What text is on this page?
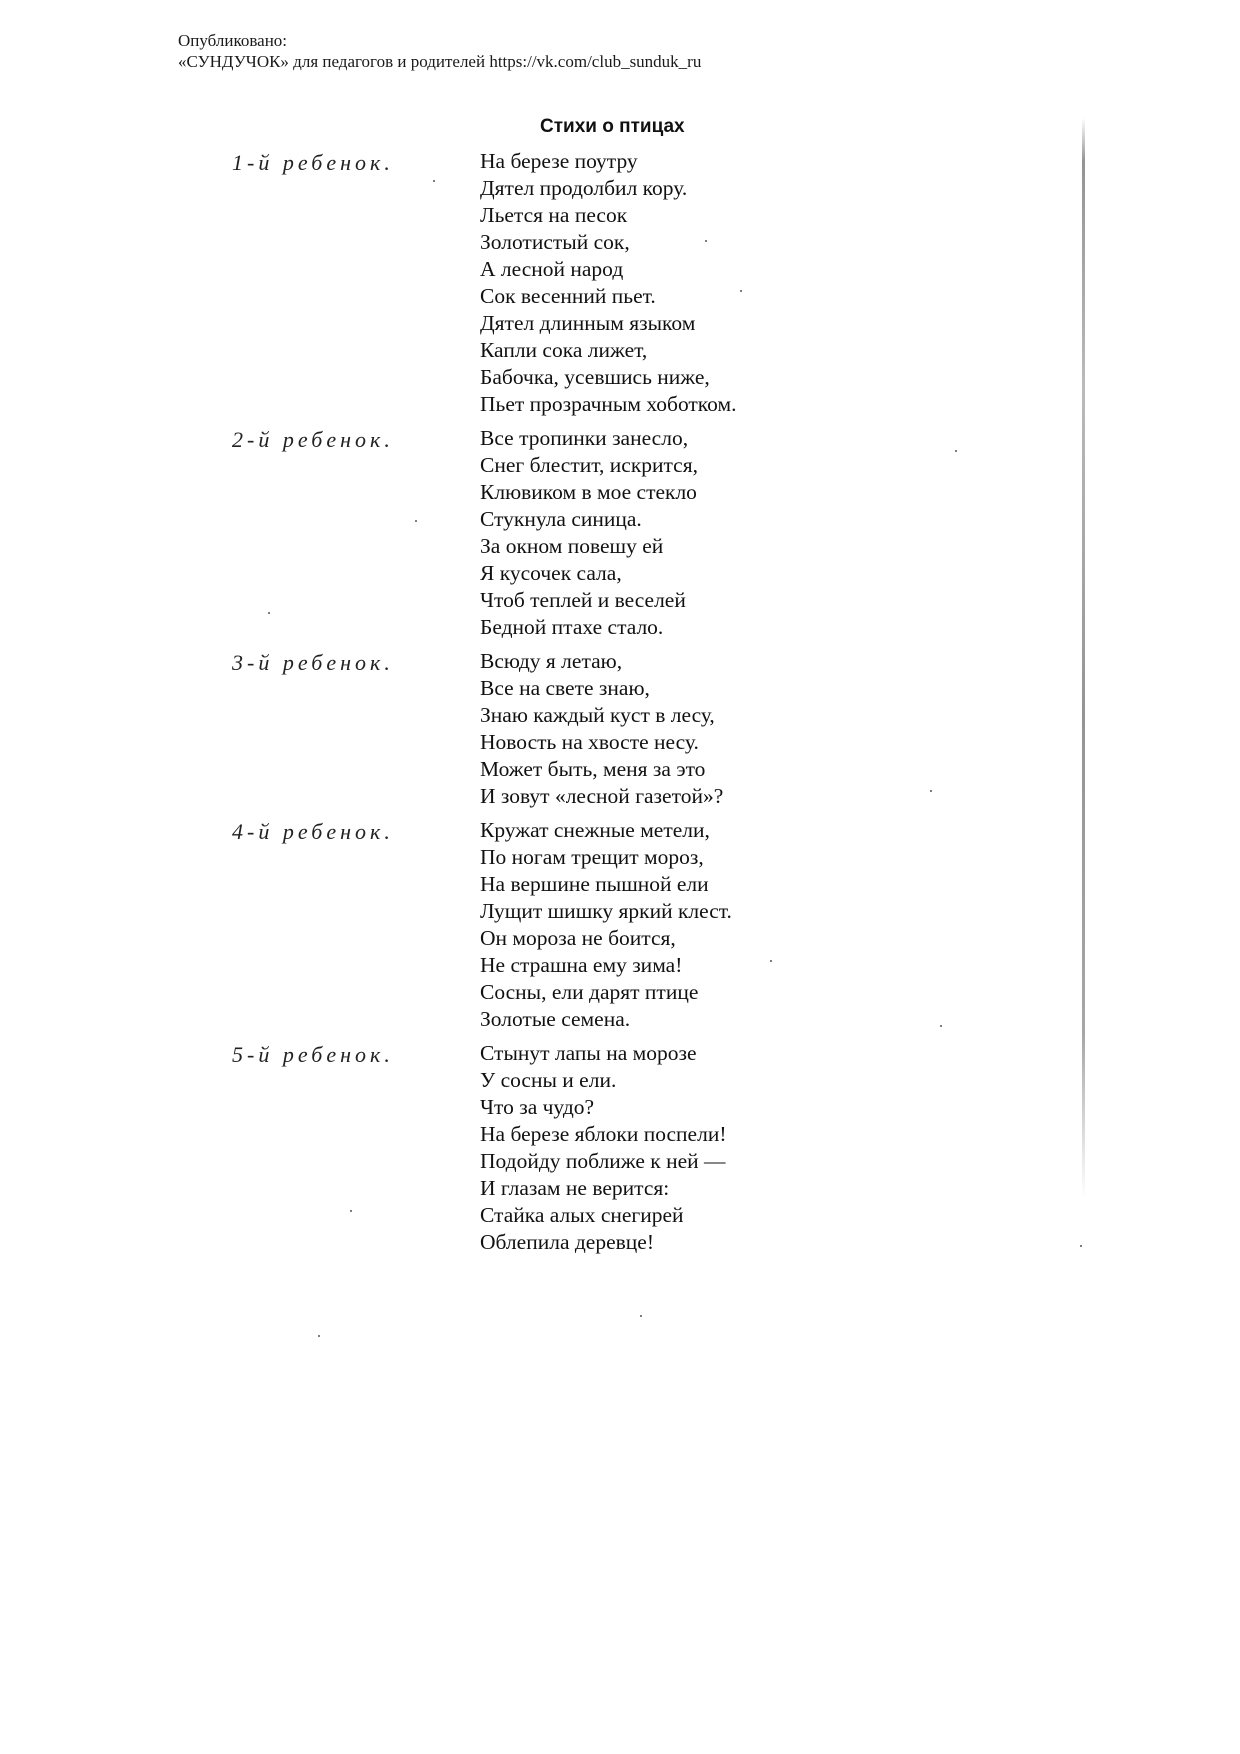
Опубликовано:
«СУНДУЧОК» для педагогов и родителей https://vk.com/club_sunduk_ru
Стихи о птицах
1-й ребенок.	На березе поутру
Дятел продолбил кору.
Льется на песок
Золотистый сок,
А лесной народ
Сок весенний пьет.
Дятел длинным языком
Капли сока лижет,
Бабочка, усевшись ниже,
Пьет прозрачным хоботком.
2-й ребенок.	Все тропинки занесло,
Снег блестит, искрится,
Клювиком в мое стекло
Стукнула синица.
За окном повешу ей
Я кусочек сала,
Чтоб теплей и веселей
Бедной птахе стало.
3-й ребенок.	Всюду я летаю,
Все на свете знаю,
Знаю каждый куст в лесу,
Новость на хвосте несу.
Может быть, меня за это
И зовут «лесной газетой»?
4-й ребенок.	Кружат снежные метели,
По ногам трещит мороз,
На вершине пышной ели
Лущит шишку яркий клест.
Он мороза не боится,
Не страшна ему зима!
Сосны, ели дарят птице
Золотые семена.
5-й ребенок.	Стынут лапы на морозе
У сосны и ели.
Что за чудо?
На березе яблоки поспели!
Подойду поближе к ней —
И глазам не верится:
Стайка алых снегирей
Облепила деревце!
